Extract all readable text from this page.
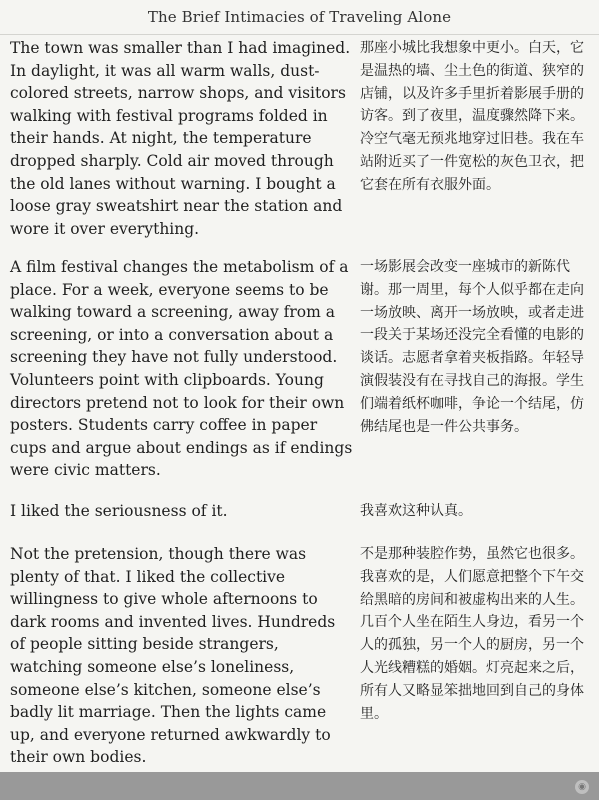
The Brief Intimacies of Traveling Alone

The town was smaller than I had imagined. In daylight, it was all warm walls, dust-colored streets, narrow shops, and visitors walking with festival programs folded in their hands. At night, the temperature dropped sharply. Cold air moved through the old lanes without warning. I bought a loose gray sweatshirt near the station and wore it over everything.

那座小城比我想象中更小。白天，它是温热的墙、尘土色的街道、狭窄的店铺，以及许多手里折着影展手册的访客。到了夜里，温度骤然降下来。冷空气毫无预兆地穿过旧巷。我在车站附近买了一件宽松的灰色卫衣，把它套在所有衣服外面。

A film festival changes the metabolism of a place. For a week, everyone seems to be walking toward a screening, away from a screening, or into a conversation about a screening they have not fully understood. Volunteers point with clipboards. Young directors pretend not to look for their own posters. Students carry coffee in paper cups and argue about endings as if endings were civic matters.

一场影展会改变一座城市的新陈代谢。那一周里，每个人似乎都在走向一场放映、离开一场放映，或者走进一段关于某场还没完全看懂的电影的谈话。志愿者拿着夹板指路。年轻导演假装没有在寻找自己的海报。学生们端着纸杯咖啡，争论一个结尾，仿佛结尾也是一件公共事务。

I liked the seriousness of it.	我喜欢这种认真。

Not the pretension, though there was plenty of that. I liked the collective willingness to give whole afternoons to dark rooms and invented lives. Hundreds of people sitting beside strangers, watching someone else’s loneliness, someone else’s kitchen, someone else’s badly lit marriage. Then the lights came up, and everyone returned awkwardly to their own bodies.

不是那种装腔作势，虽然它也很多。我喜欢的是，人们愿意把整个下午交给黑暗的房间和被虚构出来的人生。几百个人坐在陌生人身边，看另一个人的孤独，另一个人的厨房，另一个人光线糟糕的婚姻。灯亮起来之后，所有人又略显笨拙地回到自己的身体里。

◉
